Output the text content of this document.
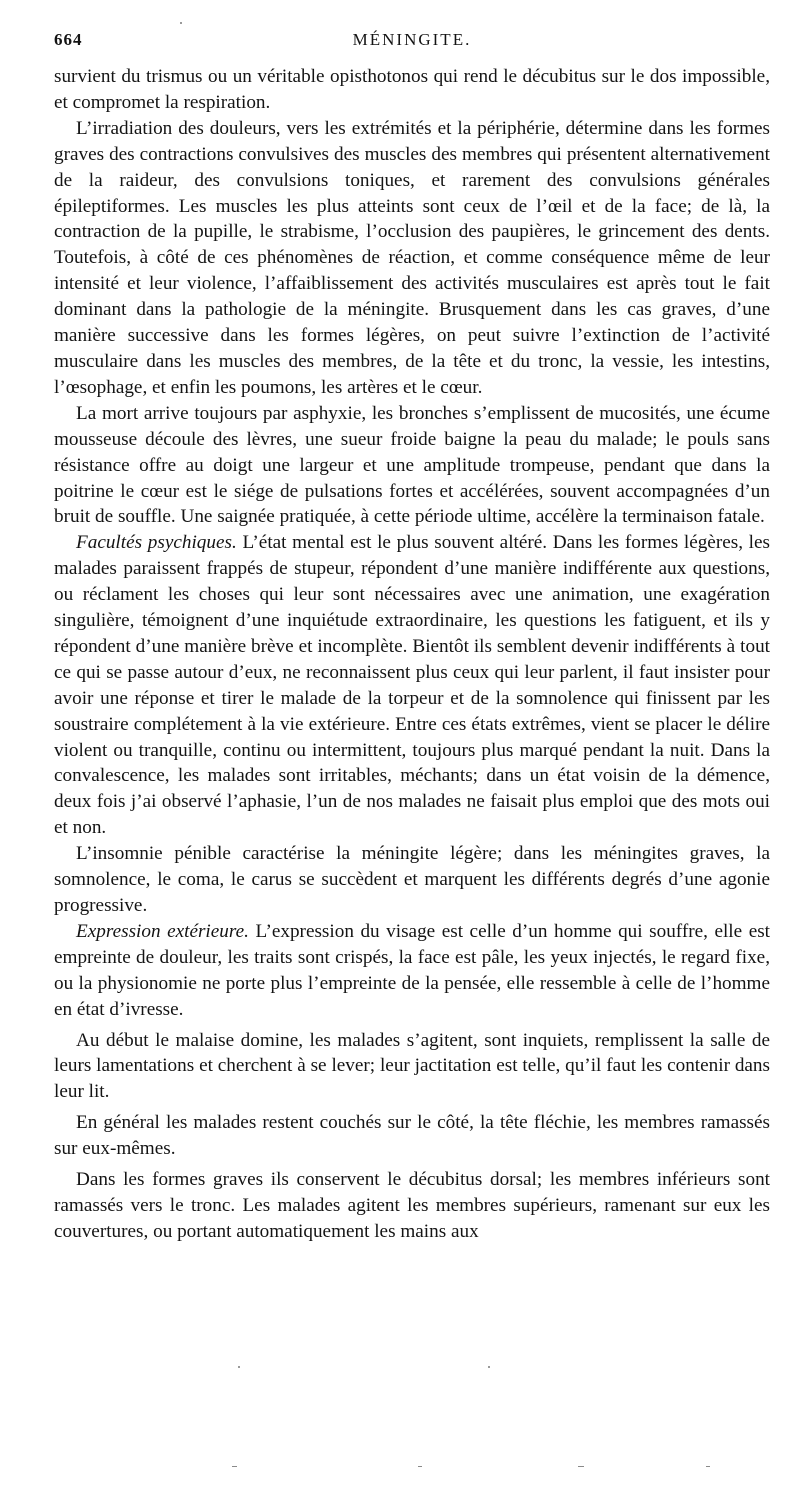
664	MÉNINGITE.

survient du trismus ou un véritable opisthotonos qui rend le décubitus sur le dos impossible, et compromet la respiration.

L’irradiation des douleurs, vers les extrémités et la périphérie, détermine dans les formes graves des contractions convulsives des muscles des membres qui présentent alternativement de la raideur, des convulsions toniques, et rarement des convulsions générales épileptiformes. Les muscles les plus atteints sont ceux de l’œil et de la face; de là, la contraction de la pupille, le strabisme, l’occlusion des paupières, le grincement des dents. Toutefois, à côté de ces phénomènes de réaction, et comme conséquence même de leur intensité et leur violence, l’affaiblissement des activités musculaires est après tout le fait dominant dans la pathologie de la méningite. Brusquement dans les cas graves, d’une manière successive dans les formes légères, on peut suivre l’extinction de l’activité musculaire dans les muscles des membres, de la tête et du tronc, la vessie, les intestins, l’œsophage, et enfin les poumons, les artères et le cœur.

La mort arrive toujours par asphyxie, les bronches s’emplissent de mucosités, une écume mousseuse découle des lèvres, une sueur froide baigne la peau du malade; le pouls sans résistance offre au doigt une largeur et une amplitude trompeuse, pendant que dans la poitrine le cœur est le siége de pulsations fortes et accélérées, souvent accompagnées d’un bruit de souffle. Une saignée pratiquée, à cette période ultime, accélère la terminaison fatale.

Facultés psychiques. L’état mental est le plus souvent altéré. Dans les formes légères, les malades paraissent frappés de stupeur, répondent d’une manière indifférente aux questions, ou réclament les choses qui leur sont nécessaires avec une animation, une exagération singulière, témoignent d’une inquiétude extraordinaire, les questions les fatiguent, et ils y répondent d’une manière brève et incomplète. Bientôt ils semblent devenir indifférents à tout ce qui se passe autour d’eux, ne reconnaissent plus ceux qui leur parlent, il faut insister pour avoir une réponse et tirer le malade de la torpeur et de la somnolence qui finissent par les soustraire complétement à la vie extérieure. Entre ces états extrêmes, vient se placer le délire violent ou tranquille, continu ou intermittent, toujours plus marqué pendant la nuit. Dans la convalescence, les malades sont irritables, méchants; dans un état voisin de la démence, deux fois j’ai observé l’aphasie, l’un de nos malades ne faisait plus emploi que des mots oui et non.

L’insomnie pénible caractérise la méningite légère; dans les méningites graves, la somnolence, le coma, le carus se succèdent et marquent les différents degrés d’une agonie progressive.

Expression extérieure. L’expression du visage est celle d’un homme qui souffre, elle est empreinte de douleur, les traits sont crispés, la face est pâle, les yeux injectés, le regard fixe, ou la physionomie ne porte plus l’empreinte de la pensée, elle ressemble à celle de l’homme en état d’ivresse.

Au début le malaise domine, les malades s’agitent, sont inquiets, remplissent la salle de leurs lamentations et cherchent à se lever; leur jactitation est telle, qu’il faut les contenir dans leur lit.

En général les malades restent couchés sur le côté, la tête fléchie, les membres ramassés sur eux-mêmes.

Dans les formes graves ils conservent le décubitus dorsal; les membres inférieurs sont ramassés vers le tronc. Les malades agitent les membres supérieurs, ramenant sur eux les couvertures, ou portant automatiquement les mains aux
